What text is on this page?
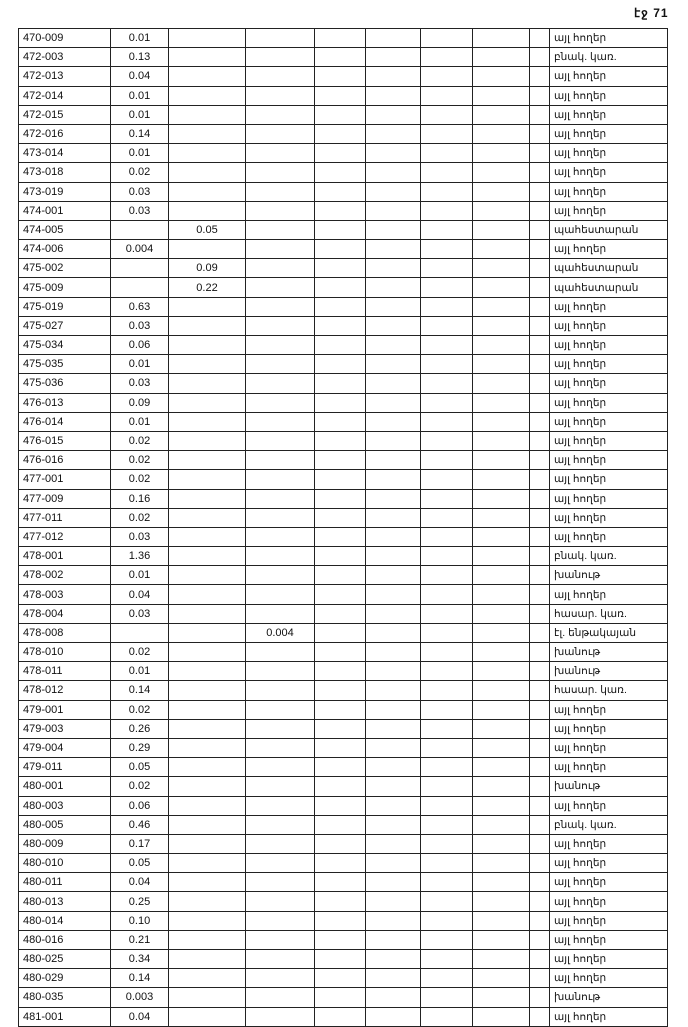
էջ 71
470-009	0.01								այլ հողեր
472-003	0.13								բնակ. կառ.
472-013	0.04								այլ հողեր
472-014	0.01								այլ հողեր
472-015	0.01								այլ հողեր
472-016	0.14								այլ հողեր
473-014	0.01								այլ հողեր
473-018	0.02								այլ հողեր
473-019	0.03								այլ հողեր
474-001	0.03								այլ հողեր
474-005		0.05							պահեստարան
474-006	0.004								այլ հողեր
475-002		0.09							պահեստարան
475-009		0.22							պահեստարան
475-019	0.63								այլ հողեր
475-027	0.03								այլ հողեր
475-034	0.06								այլ հողեր
475-035	0.01								այլ հողեր
475-036	0.03								այլ հողեր
476-013	0.09								այլ հողեր
476-014	0.01								այլ հողեր
476-015	0.02								այլ հողեր
476-016	0.02								այլ հողեր
477-001	0.02								այլ հողեր
477-009	0.16								այլ հողեր
477-011	0.02								այլ հողեր
477-012	0.03								այլ հողեր
478-001	1.36								բնակ. կառ.
478-002	0.01								խանութ
478-003	0.04								այլ հողեր
478-004	0.03								հասար. կառ.
478-008			0.004						էլ. ենթակայան
478-010	0.02								խանութ
478-011	0.01								խանութ
478-012	0.14								հասար. կառ.
479-001	0.02								այլ հողեր
479-003	0.26								այլ հողեր
479-004	0.29								այլ հողեր
479-011	0.05								այլ հողեր
480-001	0.02								խանութ
480-003	0.06								այլ հողեր
480-005	0.46								բնակ. կառ.
480-009	0.17								այլ հողեր
480-010	0.05								այլ հողեր
480-011	0.04								այլ հողեր
480-013	0.25								այլ հողեր
480-014	0.10								այլ հողեր
480-016	0.21								այլ հողեր
480-025	0.34								այլ հողեր
480-029	0.14								այլ հողեր
480-035	0.003								խանութ
481-001	0.04								այլ հողեր
